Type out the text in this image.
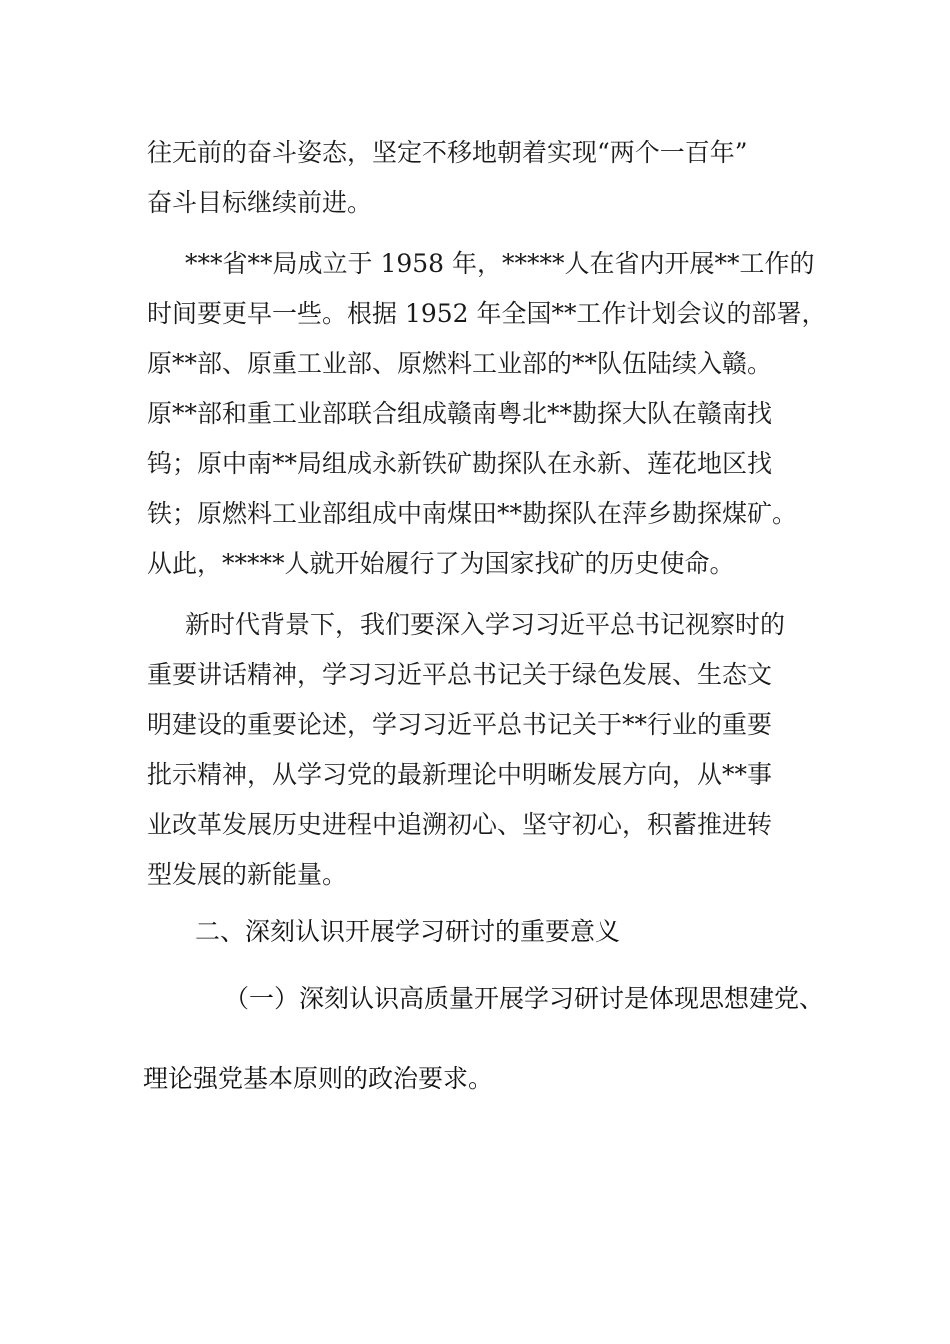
往无前的奋斗姿态，坚定不移地朝着实现“两个一百年”
奋斗目标继续前进。
***省**局成立于 1958 年，*****人在省内开展**工作的
时间要更早一些。根据 1952 年全国**工作计划会议的部署，
原**部、原重工业部、原燃料工业部的**队伍陆续入赣。
原**部和重工业部联合组成赣南粤北**勘探大队在赣南找
钨；原中南**局组成永新铁矿勘探队在永新、莲花地区找
铁；原燃料工业部组成中南煤田**勘探队在萍乡勘探煤矿。
从此，*****人就开始履行了为国家找矿的历史使命。
新时代背景下，我们要深入学习习近平总书记视察时的
重要讲话精神，学习习近平总书记关于绿色发展、生态文
明建设的重要论述，学习习近平总书记关于**行业的重要
批示精神，从学习党的最新理论中明晰发展方向，从**事
业改革发展历史进程中追溯初心、坚守初心，积蓄推进转
型发展的新能量。
二、深刻认识开展学习研讨的重要意义
（一）深刻认识高质量开展学习研讨是体现思想建党、
理论强党基本原则的政治要求。
